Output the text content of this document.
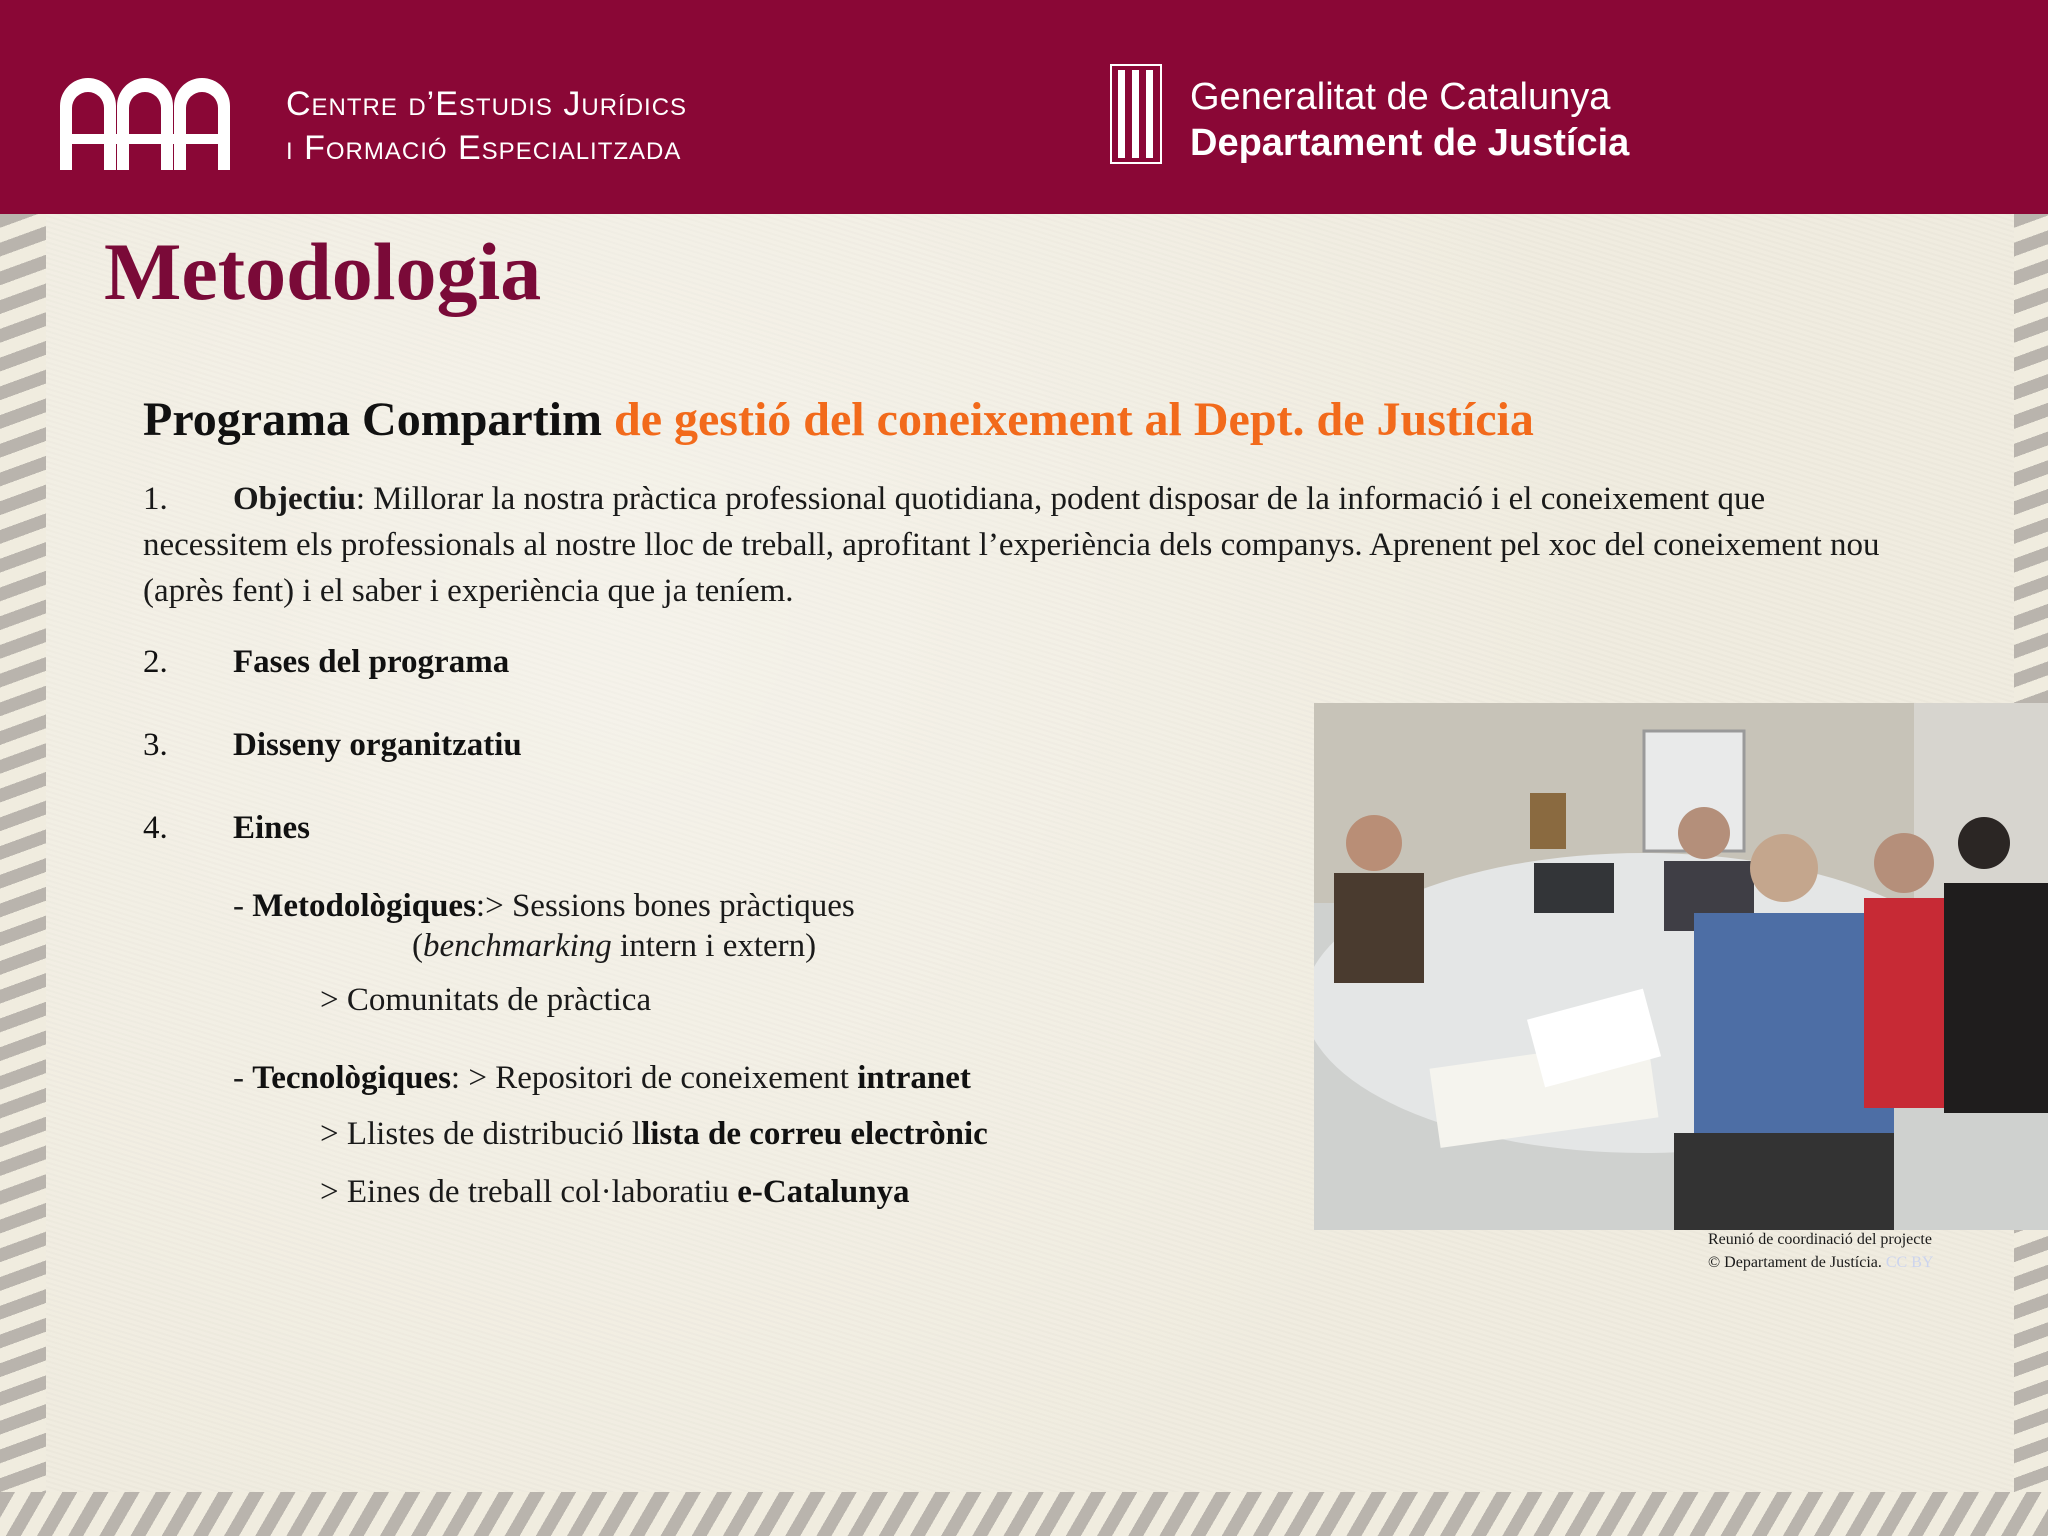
Centre d’Estudis Jurídics
i Formació Especialitzada
Generalitat de Catalunya
Departament de Justícia
Metodologia
Programa Compartim de gestió del coneixement al Dept. de Justícia
1. Objectiu: Millorar la nostra pràctica professional quotidiana, podent disposar de la informació i el coneixement que necessitem els professionals al nostre lloc de treball, aprofitant l’experiència dels companys. Aprenent pel xoc del coneixement nou (après fent) i el saber i experiència que ja teníem.
2. Fases del programa
3. Disseny organitzatiu
4. Eines
- Metodològiques:> Sessions bones pràctiques
(benchmarking intern i extern)
> Comunitats de pràctica
- Tecnològiques: > Repositori de coneixement intranet
> Llistes de distribució llista de correu electrònic
> Eines de treball col·laboratiu e-Catalunya
Reunió de coordinació del projecte
© Departament de Justícia. CC BY
